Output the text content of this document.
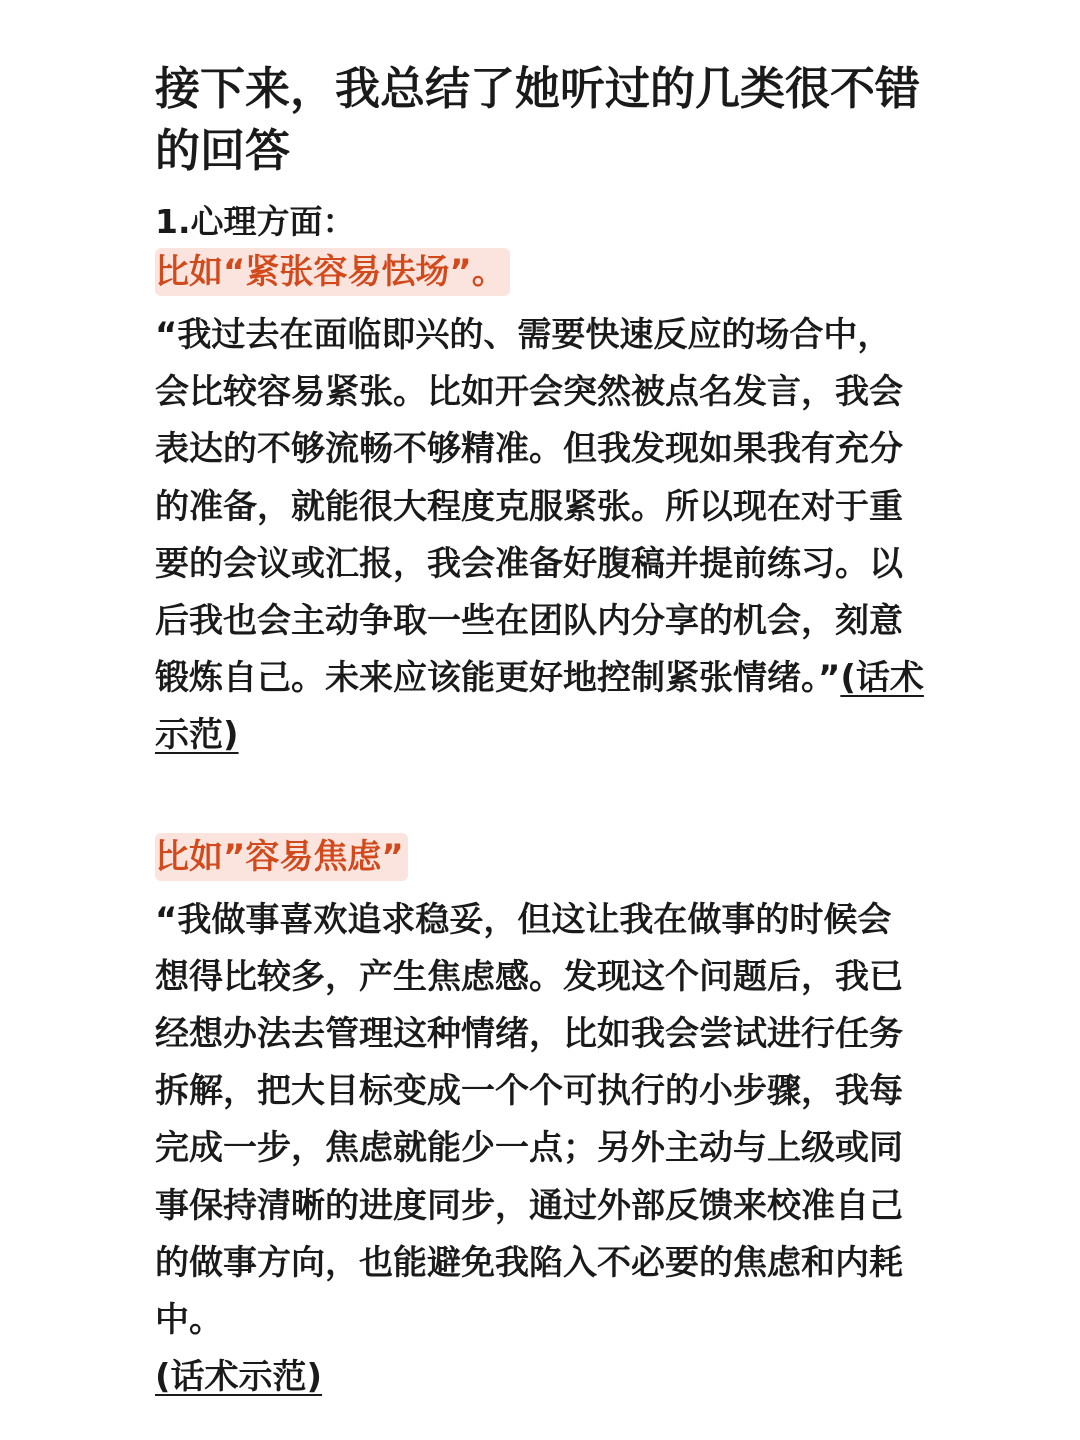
接下来，我总结了她听过的几类很不错的回答
1.心理方面：
比如“紧张容易怯场”。
“我过去在面临即兴的、需要快速反应的场合中，会比较容易紧张。比如开会突然被点名发言，我会表达的不够流畅不够精准。但我发现如果我有充分的准备，就能很大程度克服紧张。所以现在对于重要的会议或汇报，我会准备好腹稿并提前练习。以后我也会主动争取一些在团队内分享的机会，刻意锻炼自己。未来应该能更好地控制紧张情绪。”(话术示范)
比如”容易焦虑”
“我做事喜欢追求稳妥，但这让我在做事的时候会想得比较多，产生焦虑感。发现这个问题后，我已经想办法去管理这种情绪，比如我会尝试进行任务拆解，把大目标变成一个个可执行的小步骤，我每完成一步，焦虑就能少一点；另外主动与上级或同事保持清晰的进度同步，通过外部反馈来校准自己的做事方向，也能避免我陷入不必要的焦虑和内耗中。
(话术示范)
